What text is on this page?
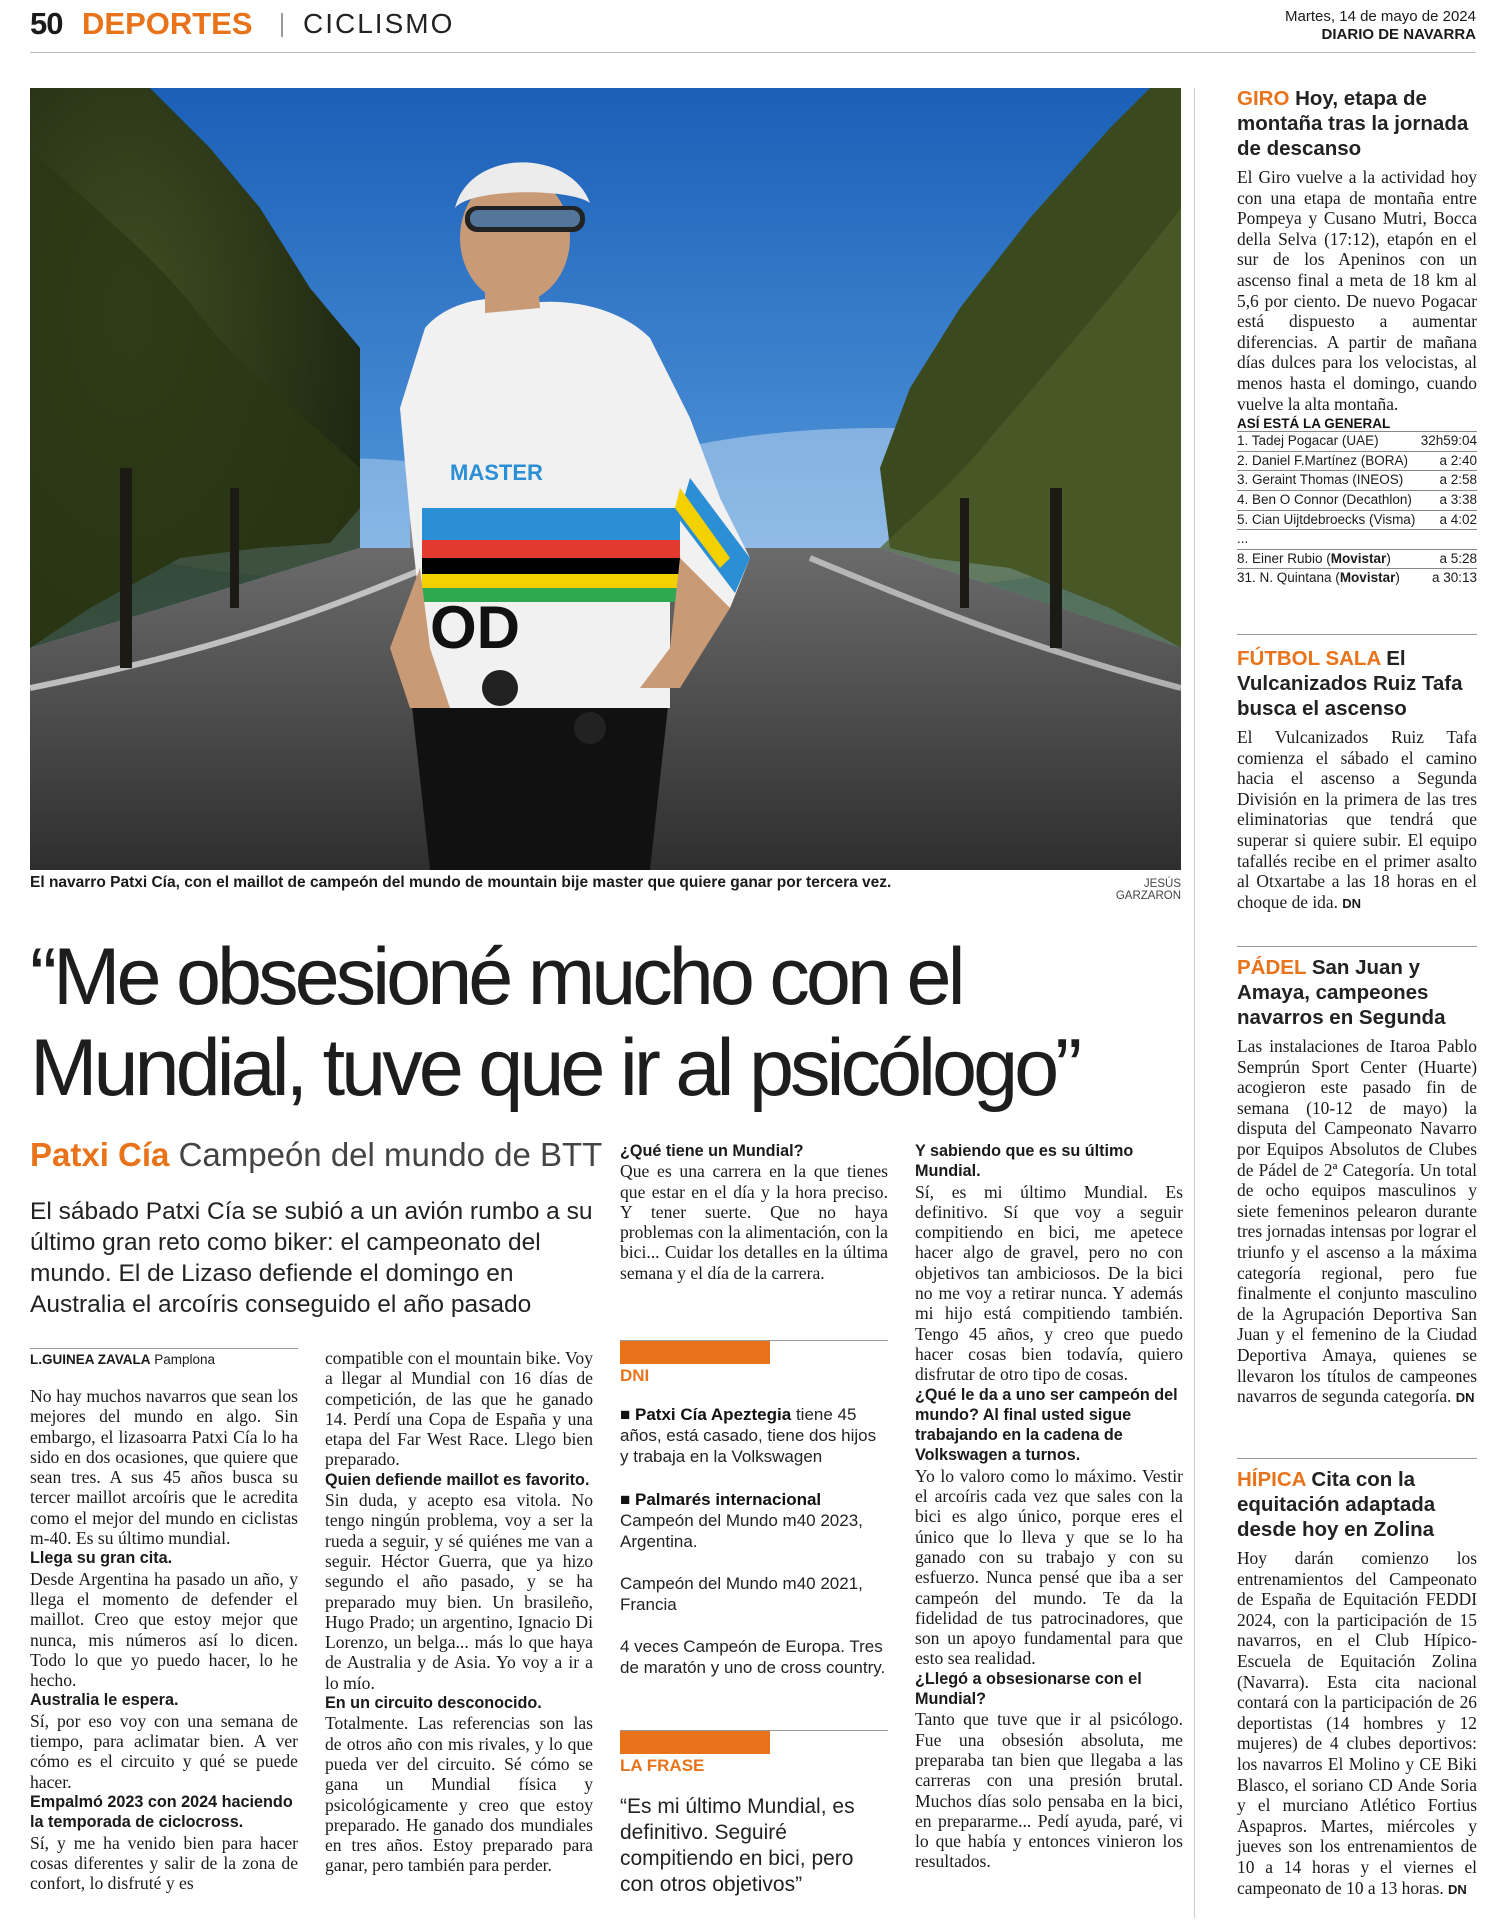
50 DEPORTES CICLISMO	Martes, 14 de mayo de 2024
DIARIO DE NAVARRA
MASTER
OD
El navarro Patxi Cía, con el maillot de campeón del mundo de mountain bije master que quiere ganar por tercera vez.	JESÚS GARZARON
“Me obsesioné mucho con el
Mundial, tuve que ir al psicólogo”
Patxi Cía Campeón del mundo de BTT
El sábado Patxi Cía se subió a un avión rumbo a su último gran reto como biker: el campeonato del mundo. El de Lizaso defiende el domingo en Australia el arcoíris conseguido el año pasado
L.GUINEA ZAVALA Pamplona

No hay muchos navarros que sean los mejores del mundo en algo. Sin embargo, el lizasoarra Patxi Cía lo ha sido en dos ocasiones, que quiere que sean tres. A sus 45 años busca su tercer maillot arcoíris que le acredita como el mejor del mundo en ciclistas m-40. Es su último mundial.

Llega su gran cita.

Desde Argentina ha pasado un año, y llega el momento de defender el maillot. Creo que estoy mejor que nunca, mis números así lo dicen. Todo lo que yo puedo hacer, lo he hecho.

Australia le espera.

Sí, por eso voy con una semana de tiempo, para aclimatar bien. A ver cómo es el circuito y qué se puede hacer.

Empalmó 2023 con 2024 haciendo la temporada de ciclocross.

Sí, y me ha venido bien para hacer cosas diferentes y salir de la zona de confort, lo disfruté y es

compatible con el mountain bike. Voy a llegar al Mundial con 16 días de competición, de las que he ganado 14. Perdí una Copa de España y una etapa del Far West Race. Llego bien preparado.

Quien defiende maillot es favorito.

Sin duda, y acepto esa vitola. No tengo ningún problema, voy a ser la rueda a seguir, y sé quiénes me van a seguir. Héctor Guerra, que ya hizo segundo el año pasado, y se ha preparado muy bien. Un brasileño, Hugo Prado; un argentino, Ignacio Di Lorenzo, un belga... más lo que haya de Australia y de Asia. Yo voy a ir a lo mío.

En un circuito desconocido.

Totalmente. Las referencias son las de otros año con mis rivales, y lo que pueda ver del circuito. Sé cómo se gana un Mundial física y psicológicamente y creo que estoy preparado. He ganado dos mundiales en tres años. Estoy preparado para ganar, pero también para perder.

¿Qué tiene un Mundial?

Que es una carrera en la que tienes que estar en el día y la hora preciso. Y tener suerte. Que no haya problemas con la alimentación, con la bici... Cuidar los detalles en la última semana y el día de la carrera.

Y sabiendo que es su último Mundial.

Sí, es mi último Mundial. Es definitivo. Sí que voy a seguir compitiendo en bici, me apetece hacer algo de gravel, pero no con objetivos tan ambiciosos. De la bici no me voy a retirar nunca. Y además mi hijo está compitiendo también. Tengo 45 años, y creo que puedo hacer cosas bien todavía, quiero disfrutar de otro tipo de cosas.

¿Qué le da a uno ser campeón del mundo? Al final usted sigue trabajando en la cadena de Volkswagen a turnos.

Yo lo valoro como lo máximo. Vestir el arcoíris cada vez que sales con la bici es algo único, porque eres el único que lo lleva y que se lo ha ganado con su trabajo y con su esfuerzo. Nunca pensé que iba a ser campeón del mundo. Te da la fidelidad de tus patrocinadores, que son un apoyo fundamental para que esto sea realidad.

¿Llegó a obsesionarse con el Mundial?

Tanto que tuve que ir al psicólogo. Fue una obsesión absoluta, me preparaba tan bien que llegaba a las carreras con una presión brutal. Muchos días solo pensaba en la bici, en prepararme... Pedí ayuda, paré, vi lo que había y entonces vinieron los resultados.

DNI
■ Patxi Cía Apeztegia tiene 45 años, está casado, tiene dos hijos y trabaja en la Volkswagen
■ Palmarés internacional
Campeón del Mundo m40 2023, Argentina.
Campeón del Mundo m40 2021, Francia
4 veces Campeón de Europa. Tres de maratón y uno de cross country.
LA FRASE
“Es mi último Mundial, es definitivo. Seguiré compitiendo en bici, pero con otros objetivos”
GIRO Hoy, etapa de montaña tras la jornada de descanso
El Giro vuelve a la actividad hoy con una etapa de montaña entre Pompeya y Cusano Mutri, Bocca della Selva (17:12), etapón en el sur de los Apeninos con un ascenso final a meta de 18 km al 5,6 por ciento. De nuevo Pogacar está dispuesto a aumentar diferencias. A partir de mañana días dulces para los velocistas, al menos hasta el domingo, cuando vuelve la alta montaña.
ASÍ ESTÁ LA GENERAL
1. Tadej Pogacar (UAE)	32h59:04
2. Daniel F.Martínez (BORA) a 2:40
3. Geraint Thomas (INEOS)	a 2:58
4. Ben O Connor (Decathlon) a 3:38
5. Cian Uijtdebroecks (Visma) a 4:02
...
8. Einer Rubio (Movistar)	a 5:28
31. N. Quintana (Movistar) a 30:13
FÚTBOL SALA El Vulcanizados Ruiz Tafa busca el ascenso
El Vulcanizados Ruiz Tafa comienza el sábado el camino hacia el ascenso a Segunda División en la primera de las tres eliminatorias que tendrá que superar si quiere subir. El equipo tafallés recibe en el primer asalto al Otxartabe a las 18 horas en el choque de ida. DN
PÁDEL San Juan y Amaya, campeones navarros en Segunda
Las instalaciones de Itaroa Pablo Semprún Sport Center (Huarte) acogieron este pasado fin de semana (10-12 de mayo) la disputa del Campeonato Navarro por Equipos Absolutos de Clubes de Pádel de 2ª Categoría. Un total de ocho equipos masculinos y siete femeninos pelearon durante tres jornadas intensas por lograr el triunfo y el ascenso a la máxima categoría regional, pero fue finalmente el conjunto masculino de la Agrupación Deportiva San Juan y el femenino de la Ciudad Deportiva Amaya, quienes se llevaron los títulos de campeones navarros de segunda categoría. DN
HÍPICA Cita con la equitación adaptada desde hoy en Zolina
Hoy darán comienzo los entrenamientos del Campeonato de España de Equitación FEDDI 2024, con la participación de 15 navarros, en el Club Hípico-Escuela de Equitación Zolina (Navarra). Esta cita nacional contará con la participación de 26 deportistas (14 hombres y 12 mujeres) de 4 clubes deportivos: los navarros El Molino y CE Biki Blasco, el soriano CD Ande Soria y el murciano Atlético Fortius Aspapros. Martes, miércoles y jueves son los entrenamientos de 10 a 14 horas y el viernes el campeonato de 10 a 13 horas. DN
